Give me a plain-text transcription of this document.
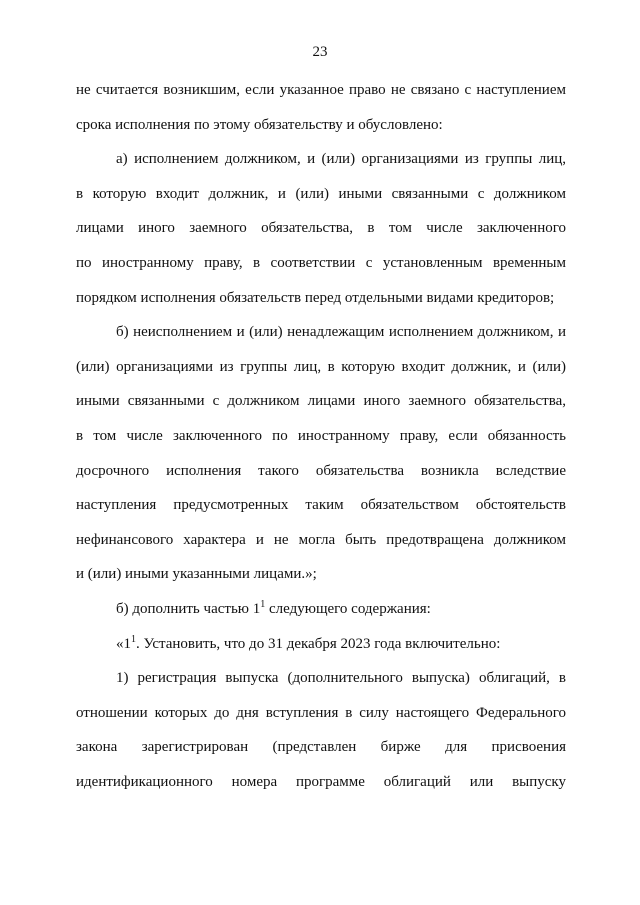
23
не считается возникшим, если указанное право не связано с наступлением
срока исполнения по этому обязательству и обусловлено:
а) исполнением должником, и (или) организациями из группы лиц,
в которую входит должник, и (или) иными связанными с должником
лицами иного заемного обязательства, в том числе заключенного
по иностранному праву, в соответствии с установленным временным
порядком исполнения обязательств перед отдельными видами кредиторов;
б) неисполнением и (или) ненадлежащим исполнением должником, и
(или) организациями из группы лиц, в которую входит должник, и (или)
иными связанными с должником лицами иного заемного обязательства,
в том числе заключенного по иностранному праву, если обязанность
досрочного исполнения такого обязательства возникла вследствие
наступления предусмотренных таким обязательством обстоятельств
нефинансового характера и не могла быть предотвращена должником
и (или) иными указанными лицами.»;
б) дополнить частью $1^1$ следующего содержания:
«$1^1$. Установить, что до 31 декабря 2023 года включительно:
1) регистрация выпуска (дополнительного выпуска) облигаций, в
отношении которых до дня вступления в силу настоящего Федерального
закона зарегистрирован (представлен бирже для присвоения
идентификационного номера программе облигаций или выпуску
